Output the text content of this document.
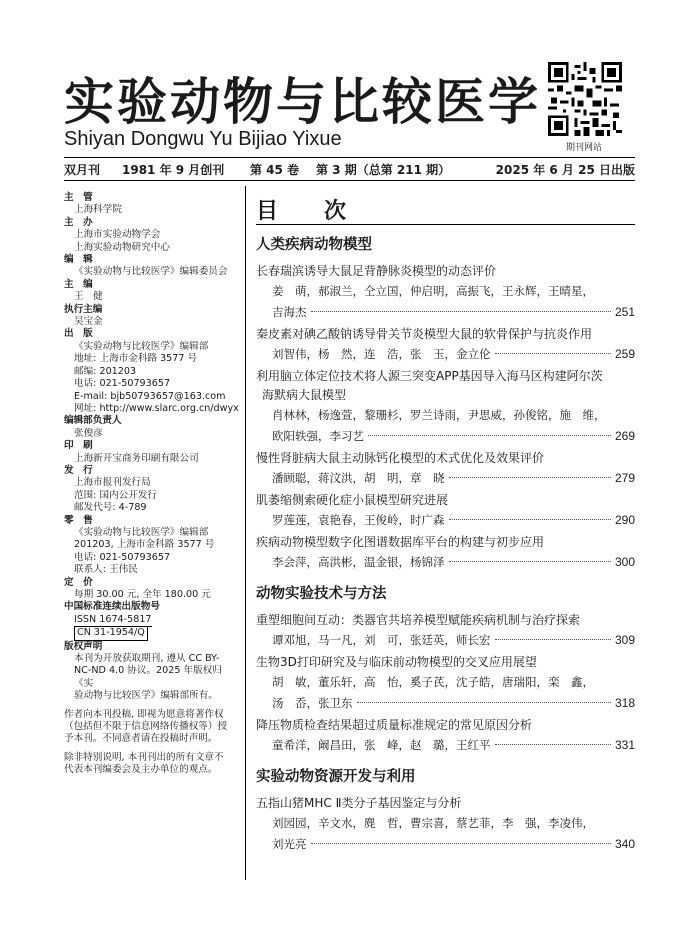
实验动物与比较医学
Shiyan Dongwu Yu Bijiao Yixue	期刊网站
双月刊 1981 年 9 月创刊 第 45 卷 第 3 期（总第 211 期）	2025 年 6 月 25 日出版
主　管
上海科学院
主　办
上海市实验动物学会
上海实验动物研究中心
编　辑
《实验动物与比较医学》编辑委员会
主　编
王　健
执行主编
吴宝金
出　版
《实验动物与比较医学》编辑部
地址: 上海市金科路 3577 号
邮编: 201203
电话: 021-50793657
E-mail: bjb50793657@163.com
网址: http://www.slarc.org.cn/dwyx
编辑部负责人
张俊彦
印　刷
上海新开宝商务印刷有限公司
发　行
上海市报刊发行局
范围: 国内公开发行
邮发代号: 4-789
零　售
《实验动物与比较医学》编辑部
201203, 上海市金科路 3577 号
电话: 021-50793657
联系人: 王伟民
定　价
每期 30.00 元, 全年 180.00 元
中国标准连续出版物号
ISSN 1674-5817
CN 31-1954/Q
版权声明
本刊为开放获取期刊, 遵从 CC BY-
NC-ND 4.0 协议。2025 年版权归《实
验动物与比较医学》编辑部所有。
作者向本刊投稿, 即视为愿意将著作权
（包括但不限于信息网络传播权等）授
予本刊。不同意者请在投稿时声明。
除非特别说明, 本刊刊出的所有文章不
代表本刊编委会及主办单位的观点。
目　次
人类疾病动物模型
长春瑞滨诱导大鼠足背静脉炎模型的动态评价
姜　萌，郝淑兰，仝立国，仲启明，高振飞，王永辉，王晴星，
吉海杰	251
秦皮素对碘乙酸钠诱导骨关节炎模型大鼠的软骨保护与抗炎作用
刘智伟，杨　然，连　浩，张　玉，金立伦	259
利用脑立体定位技术将人源三突变APP基因导入海马区构建阿尔茨
海默病大鼠模型
肖林林，杨逸萱，黎珊杉，罗兰诗雨，尹思威，孙俊铭，施　维，
欧阳轶强，李习艺	269
慢性肾脏病大鼠主动脉钙化模型的术式优化及效果评价
潘顾聪，蒋汶洪，胡　明，章　晓	279
肌萎缩侧索硬化症小鼠模型研究进展
罗莲莲，袁艳春，王俊岭，时广森	290
疾病动物模型数字化图谱数据库平台的构建与初步应用
李会萍，高洪彬，温金银，杨锦泽	300
动物实验技术与方法
重塑细胞间互动：类器官共培养模型赋能疾病机制与治疗探索
谭邓旭，马一凡，刘　可，张廷英，师长宏	309
生物3D打印研究及与临床前动物模型的交叉应用展望
胡　敏，董乐轩，高　怡，奚子芪，沈子皓，唐瑞阳，栾　鑫，
汤　岙，张卫东	318
降压物质检查结果超过质量标准规定的常见原因分析
童希洋，阚昌田，张　峰，赵　璐，王红平	331
实验动物资源开发与利用
五指山猪MHC Ⅱ类分子基因鉴定与分析
刘园园，辛文水，麂　哲，曹宗喜，蔡艺菲，李　强，李凌伟，
刘光亮	340
